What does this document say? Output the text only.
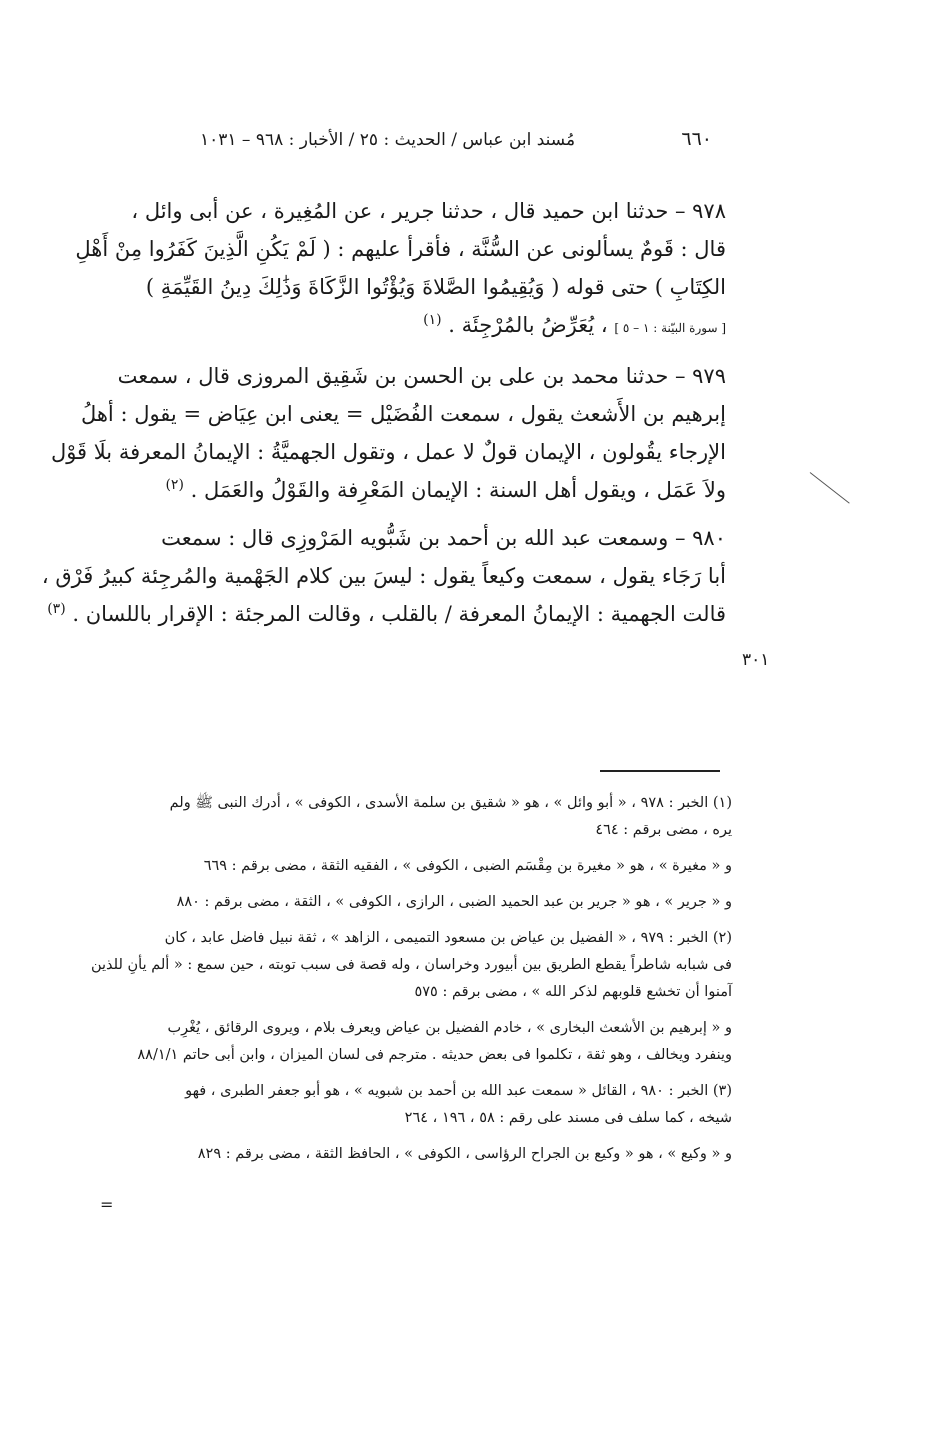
٦٦٠
مُسند ابن عباس / الحديث : ٢٥ / الأخبار : ٩٦٨ – ١٠٣١
٩٧٨ – حدثنا ابن حميد قال ، حدثنا جرير ، عن المُغِيرة ، عن أبى وائل ،
قال : قَومٌ يسألونى عن السُّنَّة ، فأقرأ عليهم : ( لَمْ يَكُنِ الَّذِينَ كَفَرُوا مِنْ أَهْلِ
الكِتَابِ ) حتى قوله ( وَيُقِيمُوا الصَّلاةَ وَيُؤْتُوا الزَّكَاةَ وَذَٰلِكَ دِينُ القَيِّمَةِ )
[ سورة البيّنة : ١ – ٥ ] ، يُعَرِّضُ بالمُرْجِئَة . $^{(١)}$
٩٧٩ – حدثنا محمد بن على بن الحسن بن شَقِيق المروزى قال ، سمعت
إبرهيم بن الأَشعث يقول ، سمعت الفُضَيْل = يعنى ابن عِيَاض = يقول : أهلُ
الإرجاء يقُولون ، الإيمان قولٌ لا عمل ، وتقول الجهميَّةُ : الإيمانُ المعرفة بلَا قَوْل
ولاَ عَمَل ، ويقول أهل السنة : الإيمان المَعْرِفة والقَوْلُ والعَمَل . $^{(٢)}$
٩٨٠ – وسمعت عبد الله بن أحمد بن شَبُّويه المَرْوزِى قال : سمعت
أبا رَجَاء يقول ، سمعت وكيعاً يقول : ليسَ بين كلام الجَهْمية والمُرجِئة كبيرُ فَرْق ،
قالت الجهمية : الإيمانُ المعرفة / بالقلب ، وقالت المرجئة : الإقرار باللسان . $^{(٣)}$
٣٠١
(١) الخبر : ٩٧٨ ، « أبو وائل » ، هو « شقيق بن سلمة الأسدى ، الكوفى » ، أدرك النبى ﷺ ولم
يره ، مضى برقم : ٤٦٤
و « مغيرة » ، هو « مغيرة بن مِقْسَم الضبى ، الكوفى » ، الفقيه الثقة ، مضى برقم : ٦٦٩
و « جرير » ، هو « جرير بن عبد الحميد الضبى ، الرازى ، الكوفى » ، الثقة ، مضى برقم : ٨٨٠
(٢) الخبر : ٩٧٩ ، « الفضيل بن عياض بن مسعود التميمى ، الزاهد » ، ثقة نبيل فاضل عابد ، كان
فى شبابه شاطراً يقطع الطريق بين أبيورد وخراسان ، وله قصة فى سبب توبته ، حين سمع : « ألم يأنِ للذين
آمنوا أن تخشع قلوبهم لذكر الله » ، مضى برقم : ٥٧٥
و « إبرهيم بن الأشعث البخارى » ، خادم الفضيل بن عياض ويعرف بلام ، ويروى الرقائق ، يُغْرِب
وينفرد ويخالف ، وهو ثقة ، تكلموا فى بعض حديثه . مترجم فى لسان الميزان ، وابن أبى حاتم ٨٨/١/١
(٣) الخبر : ٩٨٠ ، القائل « سمعت عبد الله بن أحمد بن شبويه » ، هو أبو جعفر الطبرى ، فهو
شيخه ، كما سلف فى مسند على رقم : ٥٨ ، ١٩٦ ، ٢٦٤
و « وكيع » ، هو « وكيع بن الجراح الرؤاسى ، الكوفى » ، الحافظ الثقة ، مضى برقم : ٨٢٩
=
